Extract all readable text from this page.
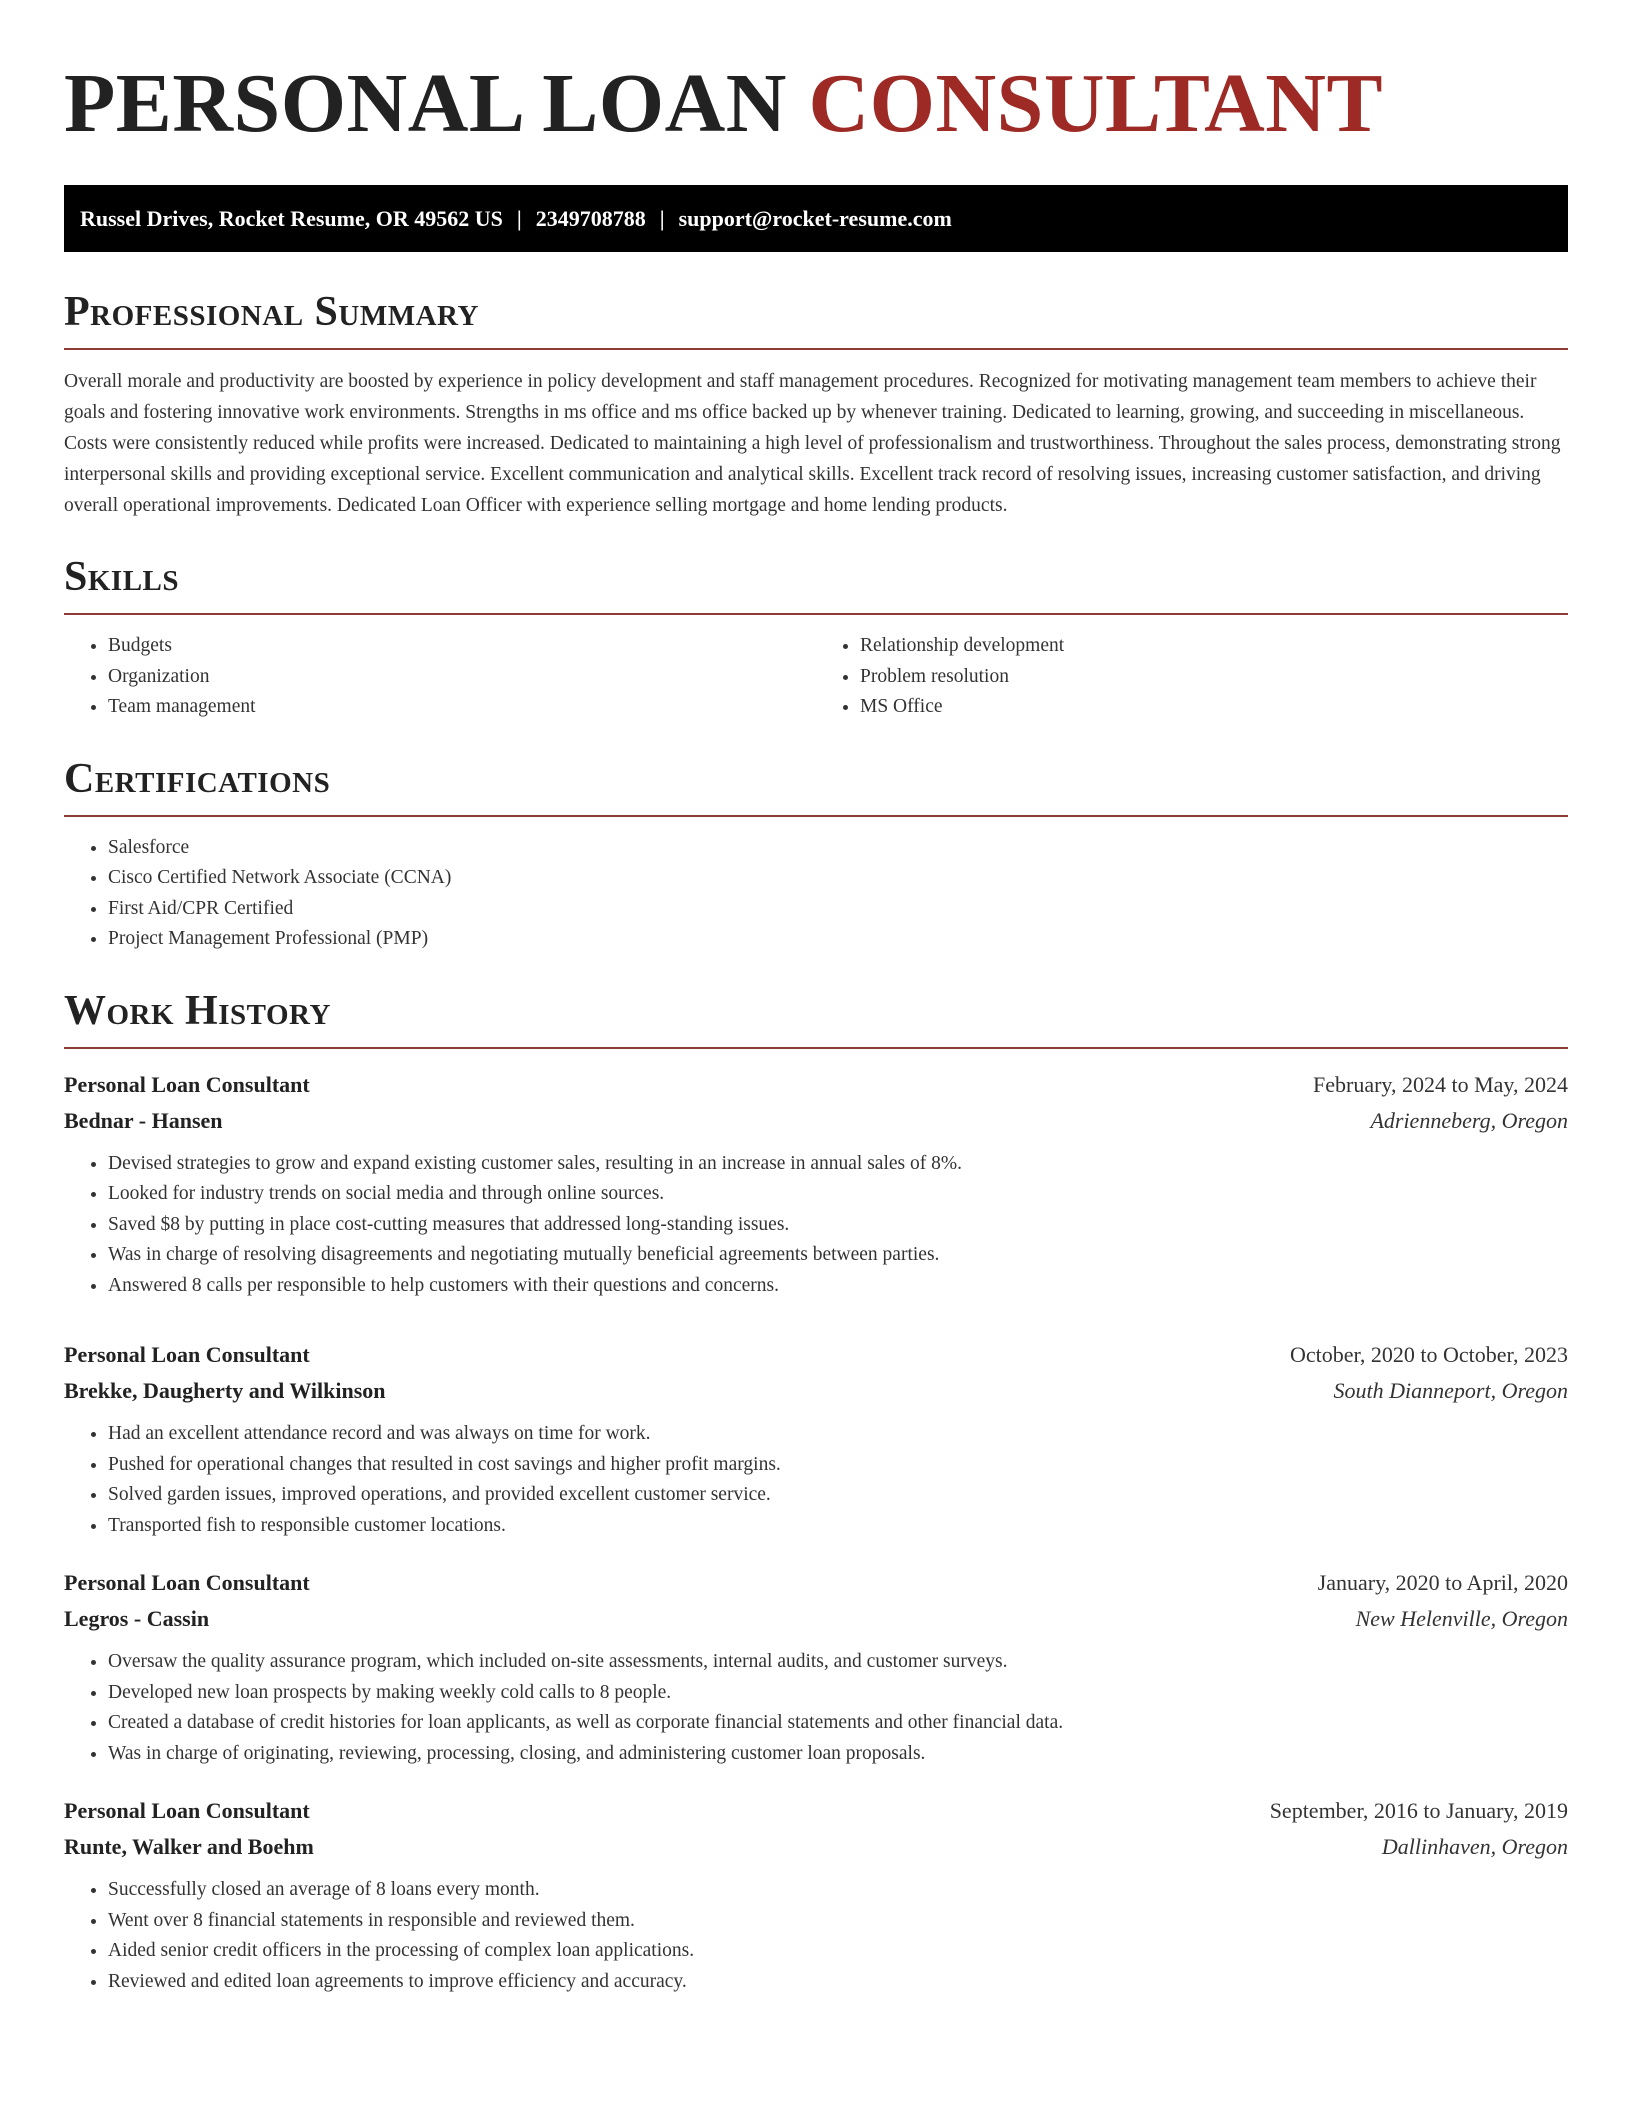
PERSONAL LOAN CONSULTANT
Russel Drives, Rocket Resume, OR 49562 US | 2349708788 | support@rocket-resume.com
Professional Summary

Overall morale and productivity are boosted by experience in policy development and staff management procedures. Recognized for motivating management team members to achieve their goals and fostering innovative work environments. Strengths in ms office and ms office backed up by whenever training. Dedicated to learning, growing, and succeeding in miscellaneous. Costs were consistently reduced while profits were increased. Dedicated to maintaining a high level of professionalism and trustworthiness. Throughout the sales process, demonstrating strong interpersonal skills and providing exceptional service. Excellent communication and analytical skills. Excellent track record of resolving issues, increasing customer satisfaction, and driving overall operational improvements. Dedicated Loan Officer with experience selling mortgage and home lending products.

Skills
• Budgets
• Organization
• Team management
• Relationship development
• Problem resolution
• MS Office
Certifications
• Salesforce
• Cisco Certified Network Associate (CCNA)
• First Aid/CPR Certified
• Project Management Professional (PMP)
Work History
Personal Loan Consultant	February, 2024 to May, 2024
Bednar - Hansen	Adrienneberg, Oregon
• Devised strategies to grow and expand existing customer sales, resulting in an increase in annual sales of 8%.
• Looked for industry trends on social media and through online sources.
• Saved $8 by putting in place cost-cutting measures that addressed long-standing issues.
• Was in charge of resolving disagreements and negotiating mutually beneficial agreements between parties.
• Answered 8 calls per responsible to help customers with their questions and concerns.
Personal Loan Consultant	October, 2020 to October, 2023
Brekke, Daugherty and Wilkinson	South Dianneport, Oregon
• Had an excellent attendance record and was always on time for work.
• Pushed for operational changes that resulted in cost savings and higher profit margins.
• Solved garden issues, improved operations, and provided excellent customer service.
• Transported fish to responsible customer locations.
Personal Loan Consultant	January, 2020 to April, 2020
Legros - Cassin	New Helenville, Oregon
• Oversaw the quality assurance program, which included on-site assessments, internal audits, and customer surveys.
• Developed new loan prospects by making weekly cold calls to 8 people.
• Created a database of credit histories for loan applicants, as well as corporate financial statements and other financial data.
• Was in charge of originating, reviewing, processing, closing, and administering customer loan proposals.
Personal Loan Consultant	September, 2016 to January, 2019
Runte, Walker and Boehm	Dallinhaven, Oregon
• Successfully closed an average of 8 loans every month.
• Went over 8 financial statements in responsible and reviewed them.
• Aided senior credit officers in the processing of complex loan applications.
• Reviewed and edited loan agreements to improve efficiency and accuracy.
